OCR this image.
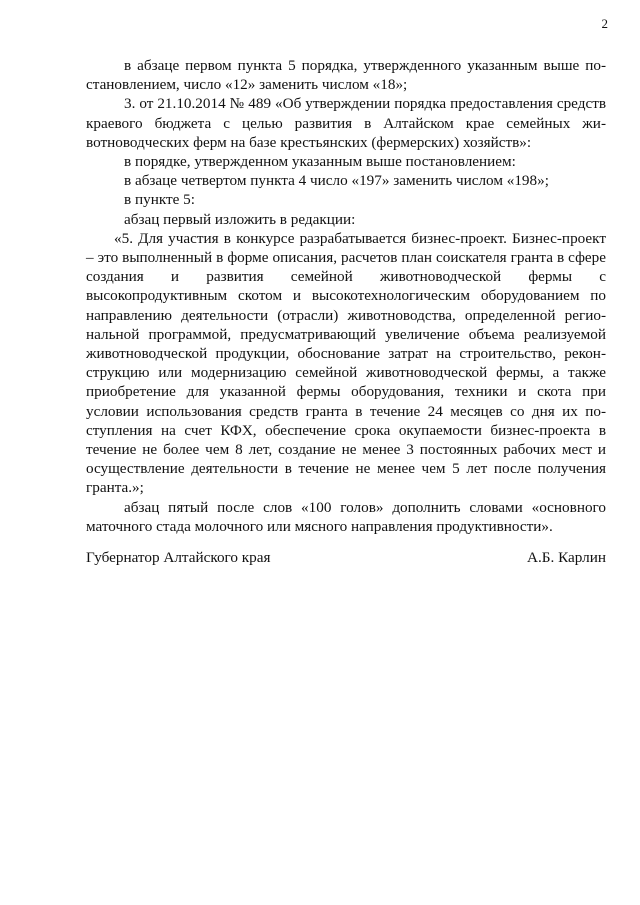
2

в абзаце первом пункта 5 порядка, утвержденного указанным выше постановлением, число «12» заменить числом «18»;

3. от 21.10.2014 № 489 «Об утверждении порядка предоставления средств краевого бюджета с целью развития в Алтайском крае семейных животноводческих ферм на базе крестьянских (фермерских) хозяйств»:

в порядке, утвержденном указанным выше постановлением:

в абзаце четвертом пункта 4 число «197» заменить числом «198»;

в пункте 5:

абзац первый изложить в редакции:

«5. Для участия в конкурсе разрабатывается бизнес-проект. Бизнес-проект – это выполненный в форме описания, расчетов план соискателя гранта в сфере создания и развития семейной животноводческой фермы с высокопродуктивным скотом и высокотехнологическим оборудованием по направлению деятельности (отрасли) животноводства, определенной региональной программой, предусматривающий увеличение объема реализуемой животноводческой продукции, обоснование затрат на строительство, реконструкцию или модернизацию семейной животноводческой фермы, а также приобретение для указанной фермы оборудования, техники и скота при условии использования средств гранта в течение 24 месяцев со дня их поступления на счет КФХ, обеспечение срока окупаемости бизнес-проекта в течение не более чем 8 лет, создание не менее 3 постоянных рабочих мест и осуществление деятельности в течение не менее чем 5 лет после получения гранта.»;

абзац пятый после слов «100 голов» дополнить словами «основного маточного стада молочного или мясного направления продуктивности».

Губернатор Алтайского края	А.Б. Карлин
